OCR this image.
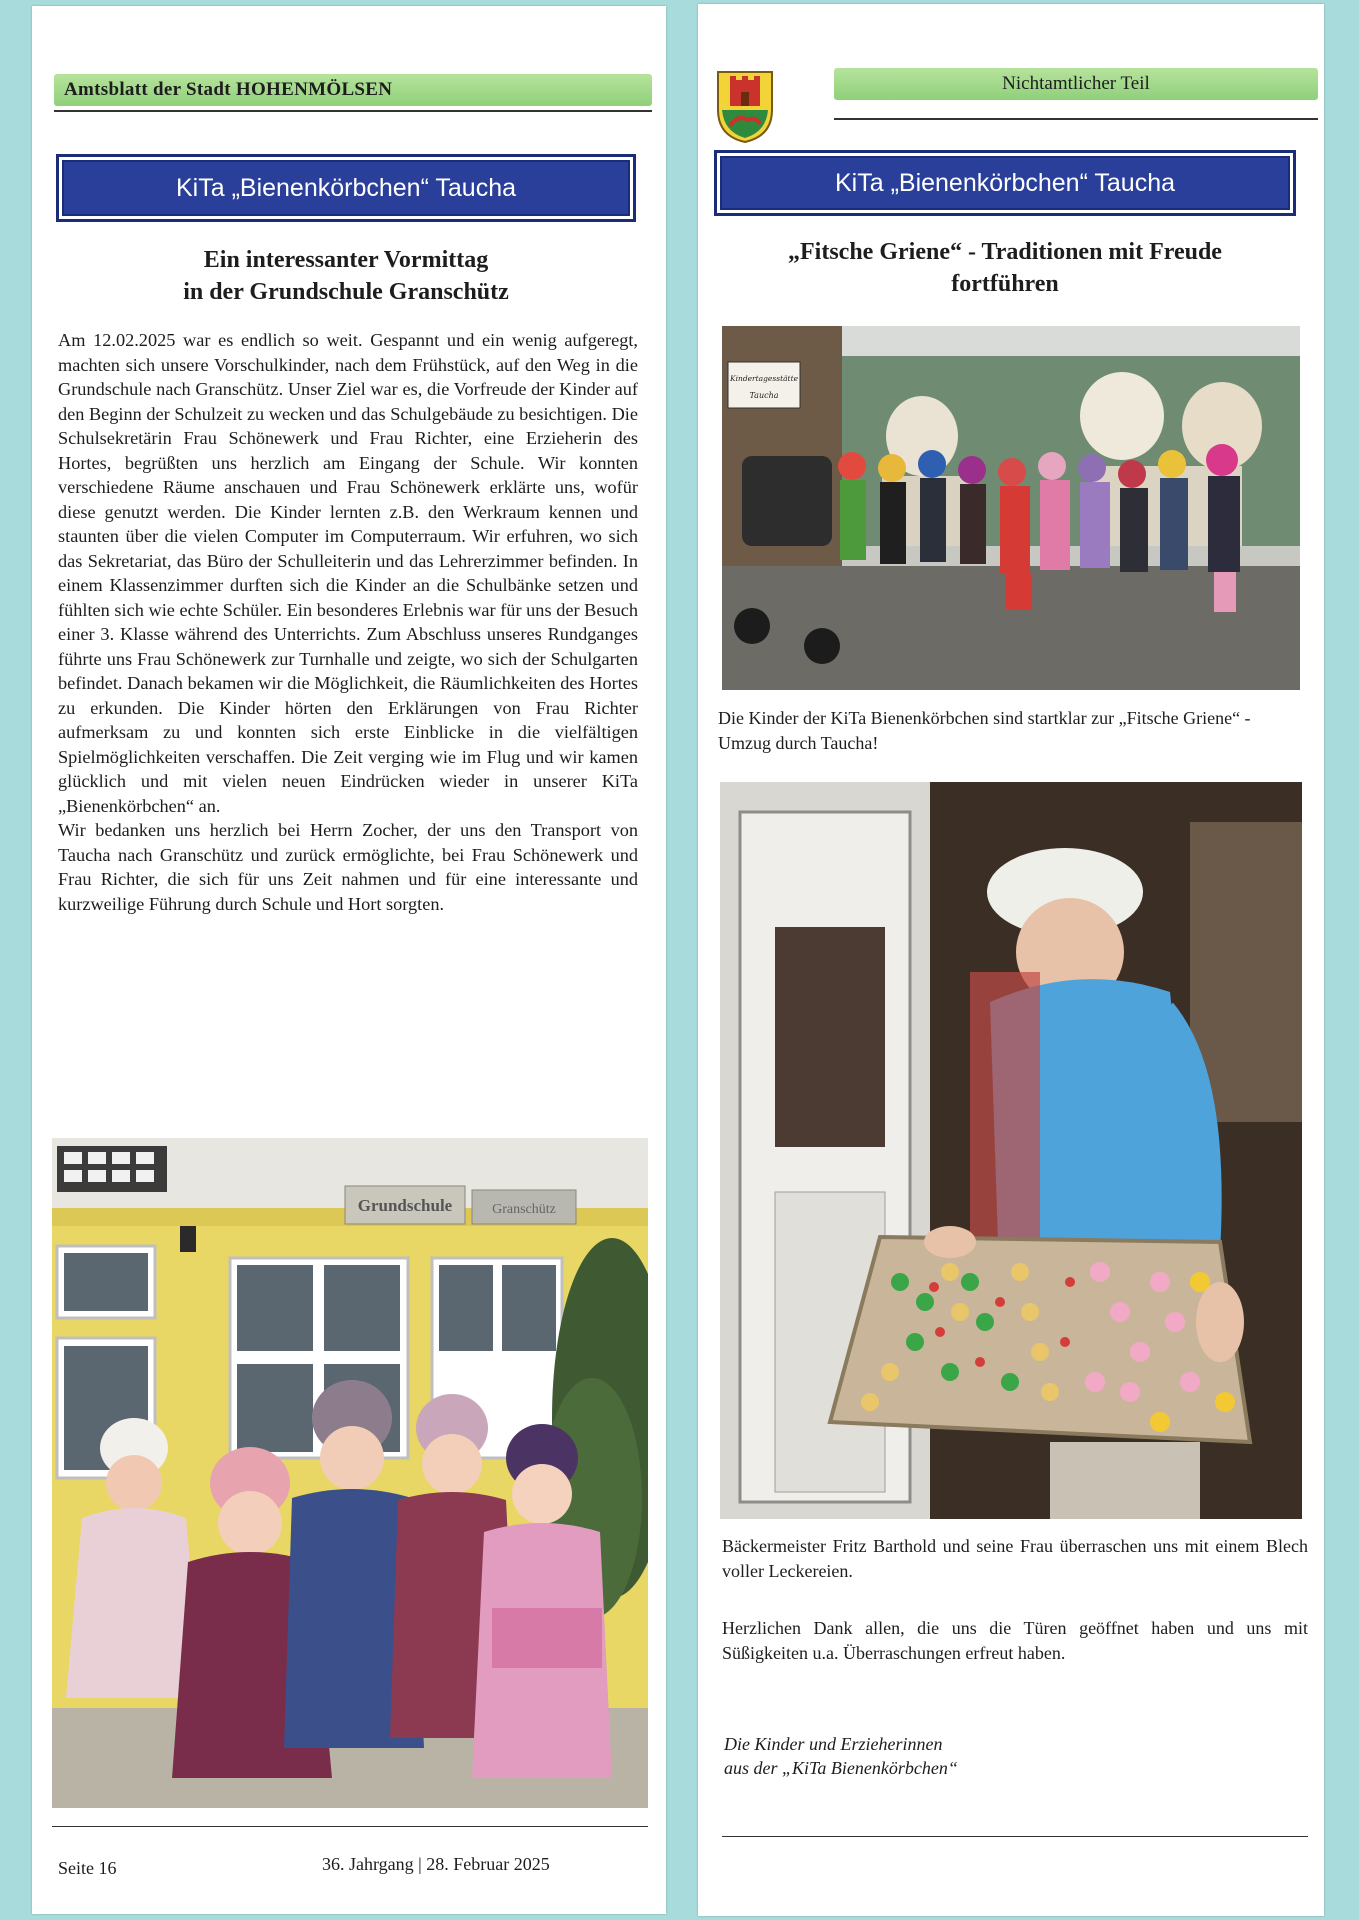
Amtsblatt der Stadt HOHENMÖLSEN
KiTa „Bienenkörbchen“ Taucha
Ein interessanter Vormittag
in der Grundschule Granschütz

Am 12.02.2025 war es endlich so weit. Gespannt und ein wenig aufgeregt, machten sich unsere Vorschulkinder, nach dem Frühstück, auf den Weg in die Grundschule nach Granschütz. Unser Ziel war es, die Vorfreude der Kinder auf den Beginn der Schulzeit zu wecken und das Schulgebäude zu besichtigen. Die Schulsekretärin Frau Schönewerk und Frau Richter, eine Erzieherin des Hortes, begrüßten uns herzlich am Eingang der Schule. Wir konnten verschiedene Räume anschauen und Frau Schönewerk erklärte uns, wofür diese genutzt werden. Die Kinder lernten z.B. den Werkraum kennen und staunten über die vielen Computer im Computerraum. Wir erfuhren, wo sich das Sekretariat, das Büro der Schulleiterin und das Lehrerzimmer befinden. In einem Klassenzimmer durften sich die Kinder an die Schulbänke setzen und fühlten sich wie echte Schüler. Ein besonderes Erlebnis war für uns der Besuch einer 3. Klasse während des Unterrichts. Zum Abschluss unseres Rundganges führte uns Frau Schönewerk zur Turnhalle und zeigte, wo sich der Schulgarten befindet. Danach bekamen wir die Möglichkeit, die Räumlichkeiten des Hortes zu erkunden. Die Kinder hörten den Erklärungen von Frau Richter aufmerksam zu und konnten sich erste Einblicke in die vielfältigen Spielmöglichkeiten verschaffen. Die Zeit verging wie im Flug und wir kamen glücklich und mit vielen neuen Eindrücken wieder in unserer KiTa „Bienenkörbchen“ an.

Wir bedanken uns herzlich bei Herrn Zocher, der uns den Transport von Taucha nach Granschütz und zurück ermöglichte, bei Frau Schönewerk und Frau Richter, die sich für uns Zeit nahmen und für eine interessante und kurzweilige Führung durch Schule und Hort sorgten.

Grundschule	Granschütz
Seite 16	36. Jahrgang | 28. Februar 2025
Nichtamtlicher Teil
KiTa „Bienenkörbchen“ Taucha
„Fitsche Griene“ - Traditionen mit Freude
fortführen
Kindertagesstätte
Taucha
Die Kinder der KiTa Bienenkörbchen sind startklar zur „Fitsche Griene“ - Umzug durch Taucha!
Bäckermeister Fritz Barthold und seine Frau überraschen uns mit einem Blech voller Leckereien.
Herzlichen Dank allen, die uns die Türen geöffnet haben und uns mit Süßigkeiten u.a. Überraschungen erfreut haben.
Die Kinder und Erzieherinnen
aus der „KiTa Bienenkörbchen“
